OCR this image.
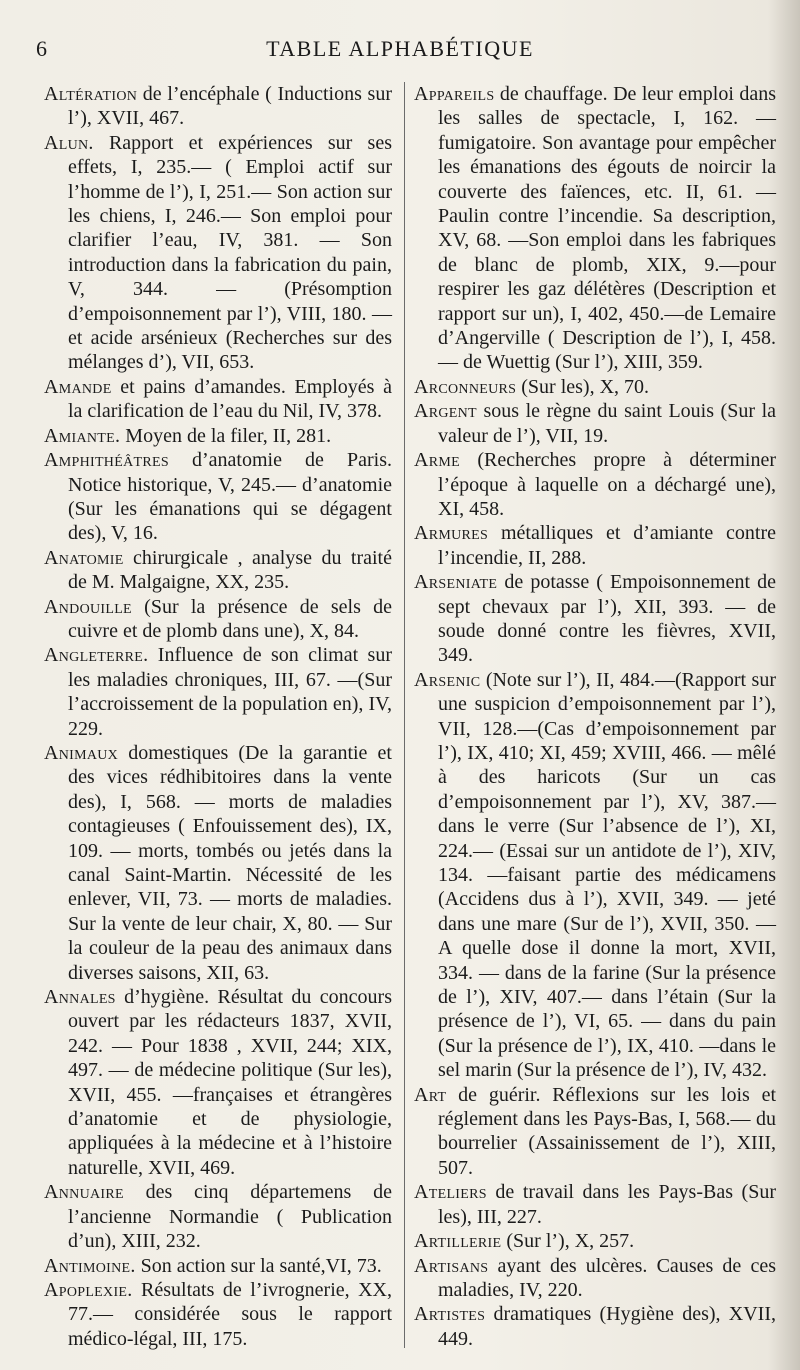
6	TABLE ALPHABÉTIQUE

Altération de l’encéphale ( Inductions sur l’), XVII, 467.

Alun. Rapport et expériences sur ses effets, I, 235.— ( Emploi actif sur l’homme de l’), I, 251.— Son action sur les chiens, I, 246.— Son emploi pour clarifier l’eau, IV, 381. — Son introduction dans la fabrication du pain, V, 344. — (Présomption d’empoisonnement par l’), VIII, 180. — et acide arsénieux (Recherches sur des mélanges d’), VII, 653.

Amande et pains d’amandes. Employés à la clarification de l’eau du Nil, IV, 378.

Amiante. Moyen de la filer, II, 281.

Amphithéâtres d’anatomie de Paris. Notice historique, V, 245.— d’anatomie (Sur les émanations qui se dégagent des), V, 16.

Anatomie chirurgicale , analyse du traité de M. Malgaigne, XX, 235.

Andouille (Sur la présence de sels de cuivre et de plomb dans une), X, 84.

Angleterre. Influence de son climat sur les maladies chroniques, III, 67. —(Sur l’accroissement de la population en), IV, 229.

Animaux domestiques (De la garantie et des vices rédhibitoires dans la vente des), I, 568. — morts de maladies contagieuses ( Enfouissement des), IX, 109. — morts, tombés ou jetés dans la canal Saint-Martin. Nécessité de les enlever, VII, 73. — morts de maladies. Sur la vente de leur chair, X, 80. — Sur la couleur de la peau des animaux dans diverses saisons, XII, 63.

Annales d’hygiène. Résultat du concours ouvert par les rédacteurs 1837, XVII, 242. — Pour 1838 , XVII, 244; XIX, 497. — de médecine politique (Sur les), XVII, 455. —françaises et étrangères d’anatomie et de physiologie, appliquées à la médecine et à l’histoire naturelle, XVII, 469.

Annuaire des cinq départemens de l’ancienne Normandie ( Publication d’un), XIII, 232.

Antimoine. Son action sur la santé,VI, 73.

Apoplexie. Résultats de l’ivrognerie, XX, 77.— considérée sous le rapport médico-légal, III, 175.

Appareils de chauffage. De leur emploi dans les salles de spectacle, I, 162. — fumigatoire. Son avantage pour empêcher les émanations des égouts de noircir la couverte des faïences, etc. II, 61. —Paulin contre l’incendie. Sa description, XV, 68. —Son emploi dans les fabriques de blanc de plomb, XIX, 9.—pour respirer les gaz délétères (Description et rapport sur un), I, 402, 450.—de Lemaire d’Angerville ( Description de l’), I, 458. — de Wuettig (Sur l’), XIII, 359.

Arconneurs (Sur les), X, 70.

Argent sous le règne du saint Louis (Sur la valeur de l’), VII, 19.

Arme (Recherches propre à déterminer l’époque à laquelle on a déchargé une), XI, 458.

Armures métalliques et d’amiante contre l’incendie, II, 288.

Arseniate de potasse ( Empoisonnement de sept chevaux par l’), XII, 393. — de soude donné contre les fièvres, XVII, 349.

Arsenic (Note sur l’), II, 484.—(Rapport sur une suspicion d’empoisonnement par l’), VII, 128.—(Cas d’empoisonnement par l’), IX, 410; XI, 459; XVIII, 466. — mêlé à des haricots (Sur un cas d’empoisonnement par l’), XV, 387.—dans le verre (Sur l’absence de l’), XI, 224.— (Essai sur un antidote de l’), XIV, 134. —faisant partie des médicamens (Accidens dus à l’), XVII, 349. — jeté dans une mare (Sur de l’), XVII, 350. — A quelle dose il donne la mort, XVII, 334. — dans de la farine (Sur la présence de l’), XIV, 407.— dans l’étain (Sur la présence de l’), VI, 65. — dans du pain (Sur la présence de l’), IX, 410. —dans le sel marin (Sur la présence de l’), IV, 432.

Art de guérir. Réflexions sur les lois et réglement dans les Pays-Bas, I, 568.— du bourrelier (Assainissement de l’), XIII, 507.

Ateliers de travail dans les Pays-Bas (Sur les), III, 227.

Artillerie (Sur l’), X, 257.

Artisans ayant des ulcères. Causes de ces maladies, IV, 220.

Artistes dramatiques (Hygiène des), XVII, 449.
